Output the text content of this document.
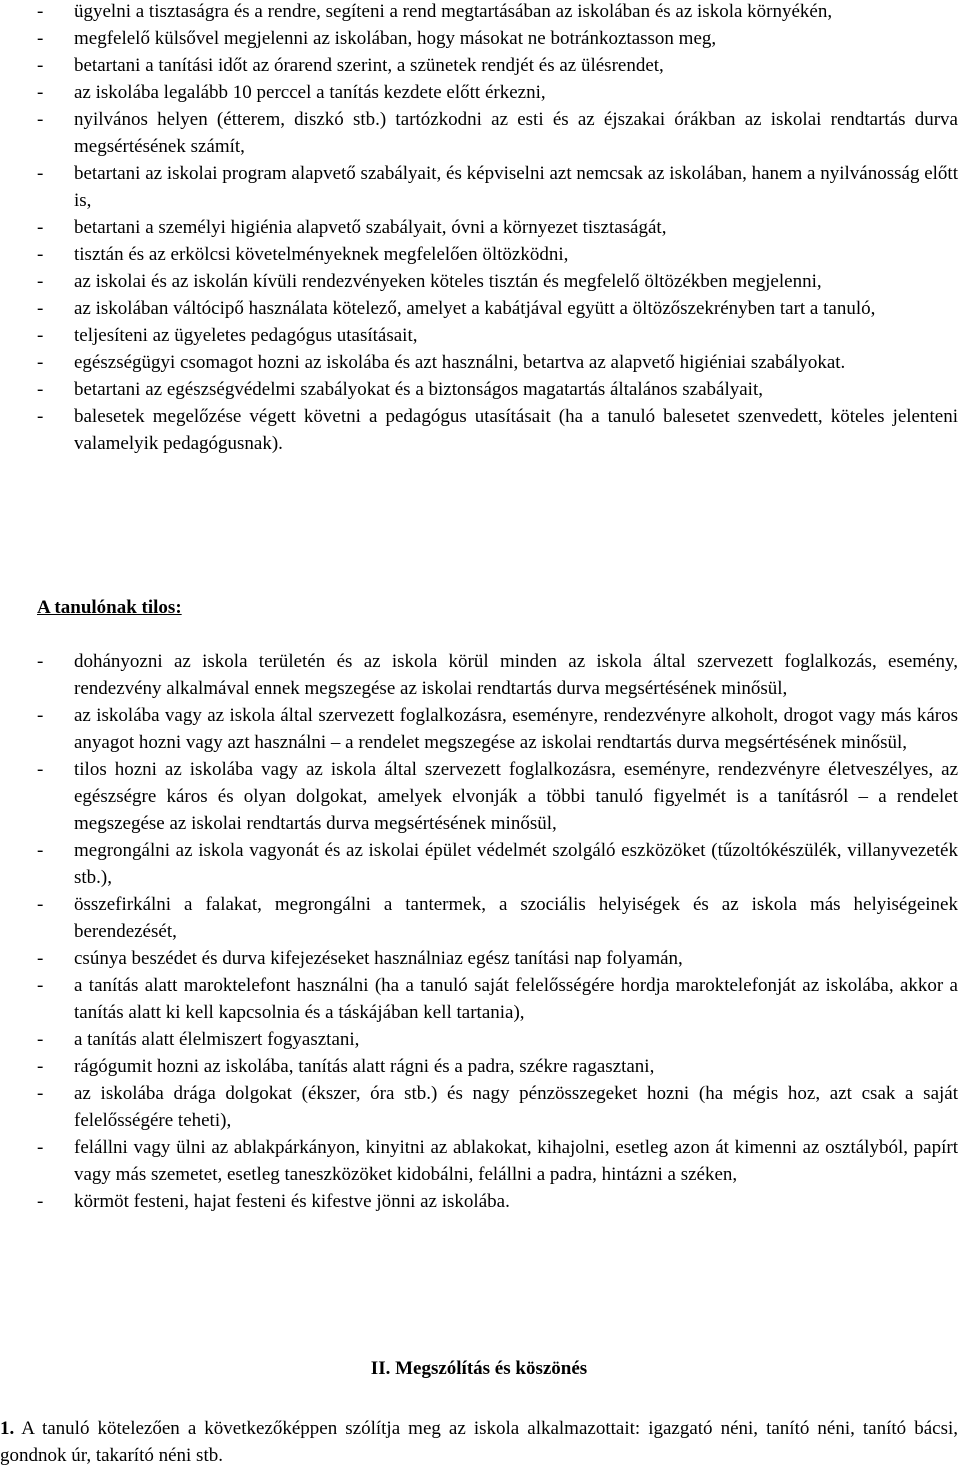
- ügyelni a tisztaságra és a rendre, segíteni a rend megtartásában az iskolában és az iskola környékén,
- megfelelő külsővel megjelenni az iskolában, hogy másokat ne botránkoztasson meg,
- betartani a tanítási időt az órarend szerint, a szünetek rendjét és az ülésrendet,
- az iskolába legalább 10 perccel a tanítás kezdete előtt érkezni,
- nyilvános helyen (étterem, diszkó stb.) tartózkodni az esti és az éjszakai órákban az iskolai rendtartás durva megsértésének számít,
- betartani az iskolai program alapvető szabályait, és képviselni azt nemcsak az iskolában, hanem a nyilvánosság előtt is,
- betartani a személyi higiénia alapvető szabályait, óvni a környezet tisztaságát,
- tisztán és az erkölcsi követelményeknek megfelelően öltözködni,
- az iskolai és az iskolán kívüli rendezvényeken köteles tisztán és megfelelő öltözékben megjelenni,
- az iskolában váltócipő használata kötelező, amelyet a kabátjával együtt a öltözőszekrényben tart a tanuló,
- teljesíteni az ügyeletes pedagógus utasításait,
- egészségügyi csomagot hozni az iskolába és azt használni, betartva az alapvető higiéniai szabályokat.
- betartani az egészségvédelmi szabályokat és a biztonságos magatartás általános szabályait,
- balesetek megelőzése végett követni a pedagógus utasításait (ha a tanuló balesetet szenvedett, köteles jelenteni valamelyik pedagógusnak).
A tanulónak tilos:
- dohányozni az iskola területén és az iskola körül minden az iskola által szervezett foglalkozás, esemény, rendezvény alkalmával ennek megszegése az iskolai rendtartás durva megsértésének minősül,
- az iskolába vagy az iskola által szervezett foglalkozásra, eseményre, rendezvényre alkoholt, drogot vagy más káros anyagot hozni vagy azt használni – a rendelet megszegése az iskolai rendtartás durva megsértésének minősül,
- tilos hozni az iskolába vagy az iskola által szervezett foglalkozásra, eseményre, rendezvényre életveszélyes, az egészségre káros és olyan dolgokat, amelyek elvonják a többi tanuló figyelmét is a tanításról – a rendelet megszegése az iskolai rendtartás durva megsértésének minősül,
- megrongálni az iskola vagyonát és az iskolai épület védelmét szolgáló eszközöket (tűzoltókészülék, villanyvezeték stb.),
- összefirkálni a falakat, megrongálni a tantermek, a szociális helyiségek és az iskola más helyiségeinek berendezését,
- csúnya beszédet és durva kifejezéseket használniaz egész tanítási nap folyamán,
- a tanítás alatt maroktelefont használni (ha a tanuló saját felelősségére hordja maroktelefonját az iskolába, akkor a tanítás alatt ki kell kapcsolnia és a táskájában kell tartania),
- a tanítás alatt élelmiszert fogyasztani,
- rágógumit hozni az iskolába, tanítás alatt rágni és a padra, székre ragasztani,
- az iskolába drága dolgokat (ékszer, óra stb.) és nagy pénzösszegeket hozni (ha mégis hoz, azt csak a saját felelősségére teheti),
- felállni vagy ülni az ablakpárkányon, kinyitni az ablakokat, kihajolni, esetleg azon át kimenni az osztályból, papírt vagy más szemetet, esetleg taneszközöket kidobálni, felállni a padra, hintázni a széken,
- körmöt festeni, hajat festeni és kifestve jönni az iskolába.
II. Megszólítás és köszönés
1. A tanuló kötelezően a következőképpen szólítja meg az iskola alkalmazottait: igazgató néni, tanító néni, tanító bácsi, gondnok úr, takarító néni stb.
